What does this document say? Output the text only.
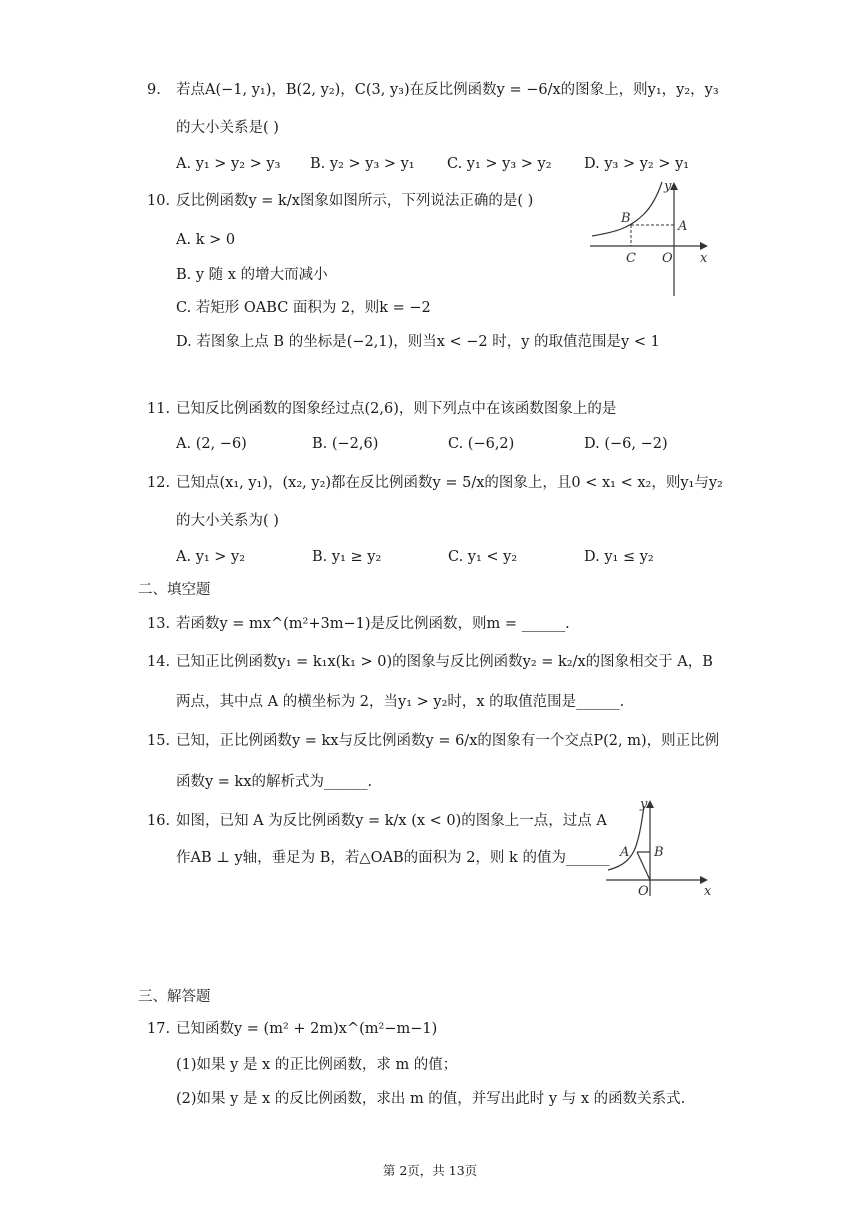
9. 若点A(−1, y₁)，B(2, y₂)，C(3, y₃)在反比例函数y = −6/x的图象上，则y₁，y₂，y₃
的大小关系是( )
A. y₁ > y₂ > y₃ B. y₂ > y₃ > y₁ C. y₁ > y₃ > y₂ D. y₃ > y₂ > y₁
10. 反比例函数y = k/x图象如图所示，下列说法正确的是( )
A. k > 0
B. y 随 x 的增大而减小
C. 若矩形 OABC 面积为 2，则k = −2
D. 若图象上点 B 的坐标是(−2,1)，则当x < −2 时，y 的取值范围是y < 1
y
B
A
C O x
11. 已知反比例函数的图象经过点(2,6)，则下列点中在该函数图象上的是
A. (2, −6)	B. (−2,6)	C. (−6,2)	D. (−6, −2)
12. 已知点(x₁, y₁)，(x₂, y₂)都在反比例函数y = 5/x的图象上，且0 < x₁ < x₂，则y₁与y₂
的大小关系为( )
A. y₁ > y₂	B. y₁ ≥ y₂	C. y₁ < y₂	D. y₁ ≤ y₂
二、填空题
13. 若函数y = mx^(m²+3m−1)是反比例函数，则m = ______.
14. 已知正比例函数y₁ = k₁x(k₁ > 0)的图象与反比例函数y₂ = k₂/x的图象相交于 A，B
两点，其中点 A 的横坐标为 2，当y₁ > y₂时，x 的取值范围是______.
15. 已知，正比例函数y = kx与反比例函数y = 6/x的图象有一个交点P(2, m)，则正比例
函数y = kx的解析式为______.
16. 如图，已知 A 为反比例函数y = k/x (x < 0)的图象上一点，过点 A
作AB ⊥ y轴，垂足为 B，若△OAB的面积为 2，则 k 的值为______
y
A B
O	x
三、解答题
17. 已知函数y = (m² + 2m)x^(m²−m−1)
(1)如果 y 是 x 的正比例函数，求 m 的值；
(2)如果 y 是 x 的反比例函数，求出 m 的值，并写出此时 y 与 x 的函数关系式.
第 2页，共 13页
